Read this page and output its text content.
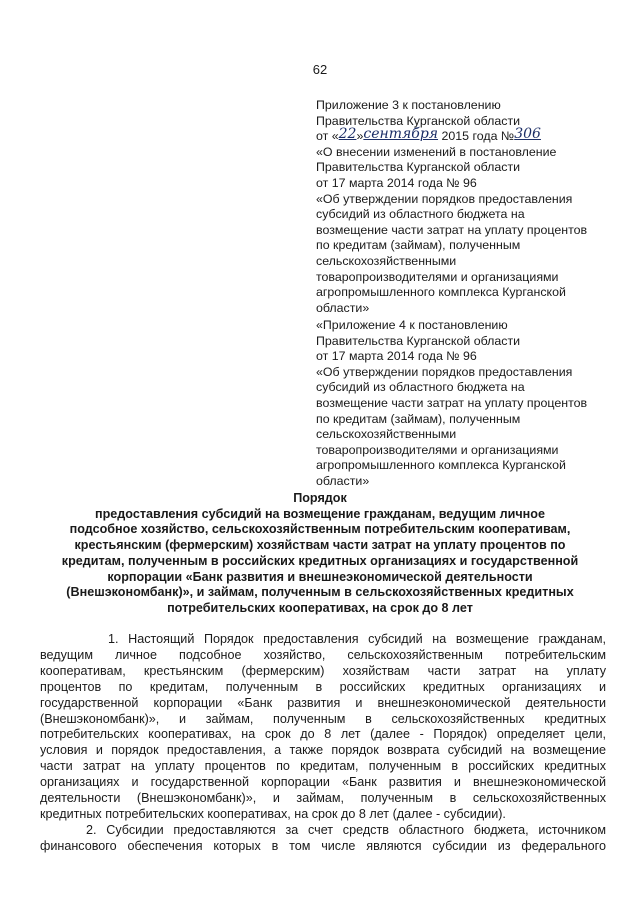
62
Приложение 3 к постановлению
Правительства Курганской области
от «22»сентября 2015 года №306
«О внесении изменений в постановление
Правительства Курганской области
от 17 марта 2014 года № 96
«Об утверждении порядков предоставления
субсидий из областного бюджета на
возмещение части затрат на уплату процентов
по кредитам (займам), полученным
сельскохозяйственными
товаропроизводителями и организациями
агропромышленного комплекса Курганской
области»
«Приложение 4 к постановлению
Правительства Курганской области
от 17 марта 2014 года № 96
«Об утверждении порядков предоставления
субсидий из областного бюджета на
возмещение части затрат на уплату процентов
по кредитам (займам), полученным
сельскохозяйственными
товаропроизводителями и организациями
агропромышленного комплекса Курганской
области»
Порядок
предоставления субсидий на возмещение гражданам, ведущим личное
подсобное хозяйство, сельскохозяйственным потребительским кооперативам,
крестьянским (фермерским) хозяйствам части затрат на уплату процентов по
кредитам, полученным в российских кредитных организациях и государственной
корпорации «Банк развития и внешнеэкономической деятельности
(Внешэкономбанк)», и займам, полученным в сельскохозяйственных кредитных
потребительских кооперативах, на срок до 8 лет
1. Настоящий Порядок предоставления субсидий на возмещение гражданам,
ведущим личное подсобное хозяйство, сельскохозяйственным потребительским
кооперативам, крестьянским (фермерским) хозяйствам части затрат на уплату
процентов по кредитам, полученным в российских кредитных организациях и
государственной корпорации «Банк развития и внешнеэкономической деятельности
(Внешэкономбанк)», и займам, полученным в сельскохозяйственных кредитных
потребительских кооперативах, на срок до 8 лет (далее - Порядок) определяет цели,
условия и порядок предоставления, а также порядок возврата субсидий на возмещение
части затрат на уплату процентов по кредитам, полученным в российских кредитных
организациях и государственной корпорации «Банк развития и внешнеэкономической
деятельности (Внешэкономбанк)», и займам, полученным в сельскохозяйственных
кредитных потребительских кооперативах, на срок до 8 лет (далее - субсидии).
2. Субсидии предоставляются за счет средств областного бюджета, источником
финансового обеспечения которых в том числе являются субсидии из федерального
